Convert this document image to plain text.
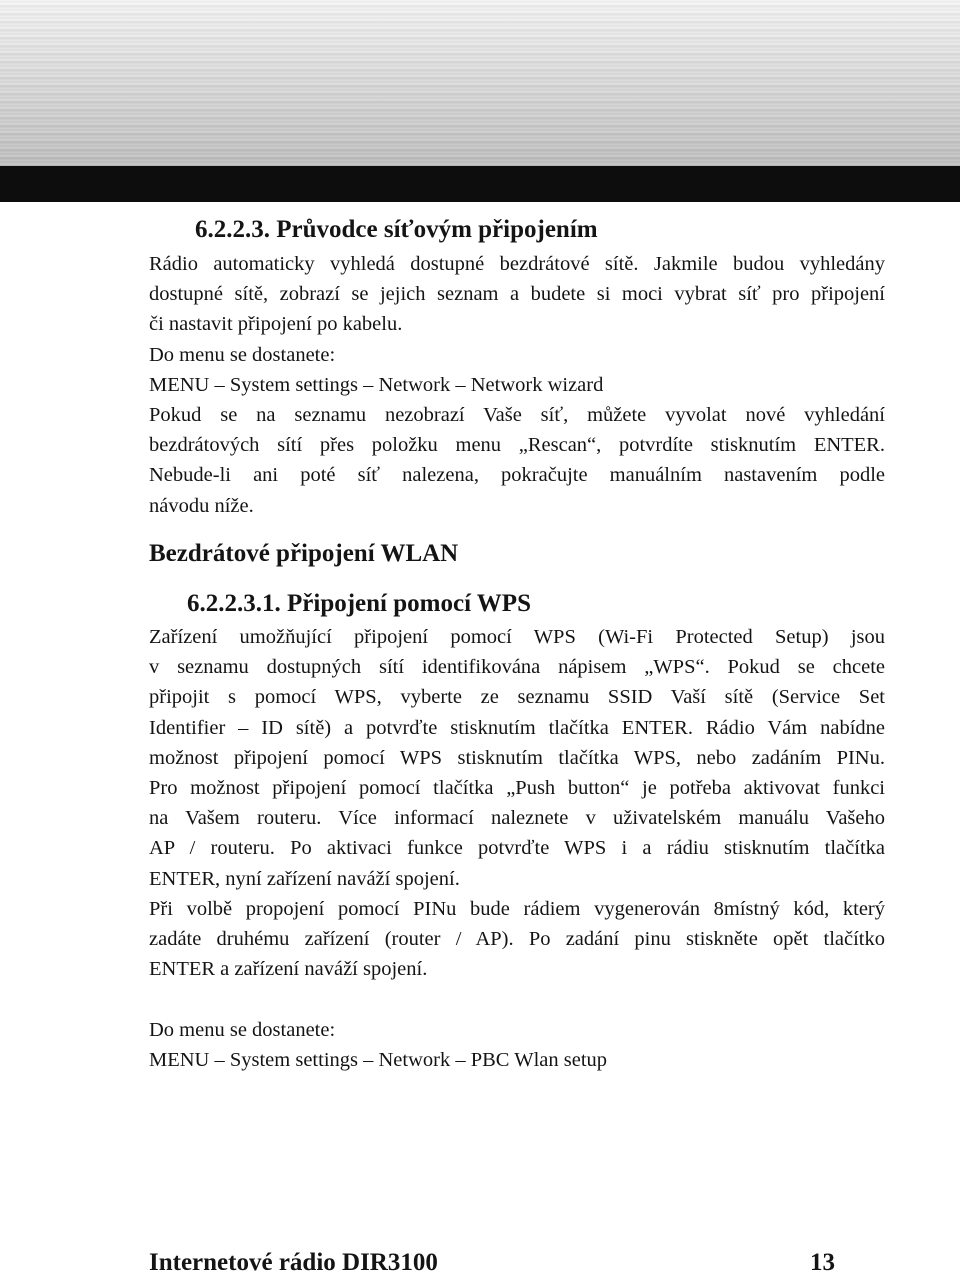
6.2.2.3. Průvodce síťovým připojením
Rádio automaticky vyhledá dostupné bezdrátové sítě. Jakmile budou vyhledány
dostupné sítě, zobrazí se jejich seznam a budete si moci vybrat síť pro připojení
či nastavit připojení po kabelu.
Do menu se dostanete:
MENU – System settings – Network – Network wizard
Pokud se na seznamu nezobrazí Vaše síť, můžete vyvolat nové vyhledání
bezdrátových sítí přes položku menu „Rescan“, potvrdíte stisknutím ENTER.
Nebude-li ani poté síť nalezena, pokračujte manuálním nastavením podle
návodu níže.
Bezdrátové připojení WLAN
6.2.2.3.1. Připojení pomocí WPS
Zařízení umožňující připojení pomocí WPS (Wi-Fi Protected Setup) jsou
v seznamu dostupných sítí identifikována nápisem „WPS“. Pokud se chcete
připojit s pomocí WPS, vyberte ze seznamu SSID Vaší sítě (Service Set
Identifier – ID sítě) a potvrďte stisknutím tlačítka ENTER. Rádio Vám nabídne
možnost připojení pomocí WPS stisknutím tlačítka WPS, nebo zadáním PINu.
Pro možnost připojení pomocí tlačítka „Push button“ je potřeba aktivovat funkci
na Vašem routeru. Více informací naleznete v uživatelském manuálu Vašeho
AP / routeru. Po aktivaci funkce potvrďte WPS i a rádiu stisknutím tlačítka
ENTER, nyní zařízení naváží spojení.
Při volbě propojení pomocí PINu bude rádiem vygenerován 8místný kód, který
zadáte druhému zařízení (router / AP). Po zadání pinu stiskněte opět tlačítko
ENTER a zařízení naváží spojení.
Do menu se dostanete:
MENU – System settings – Network – PBC Wlan setup
Internetové rádio DIR3100	13
